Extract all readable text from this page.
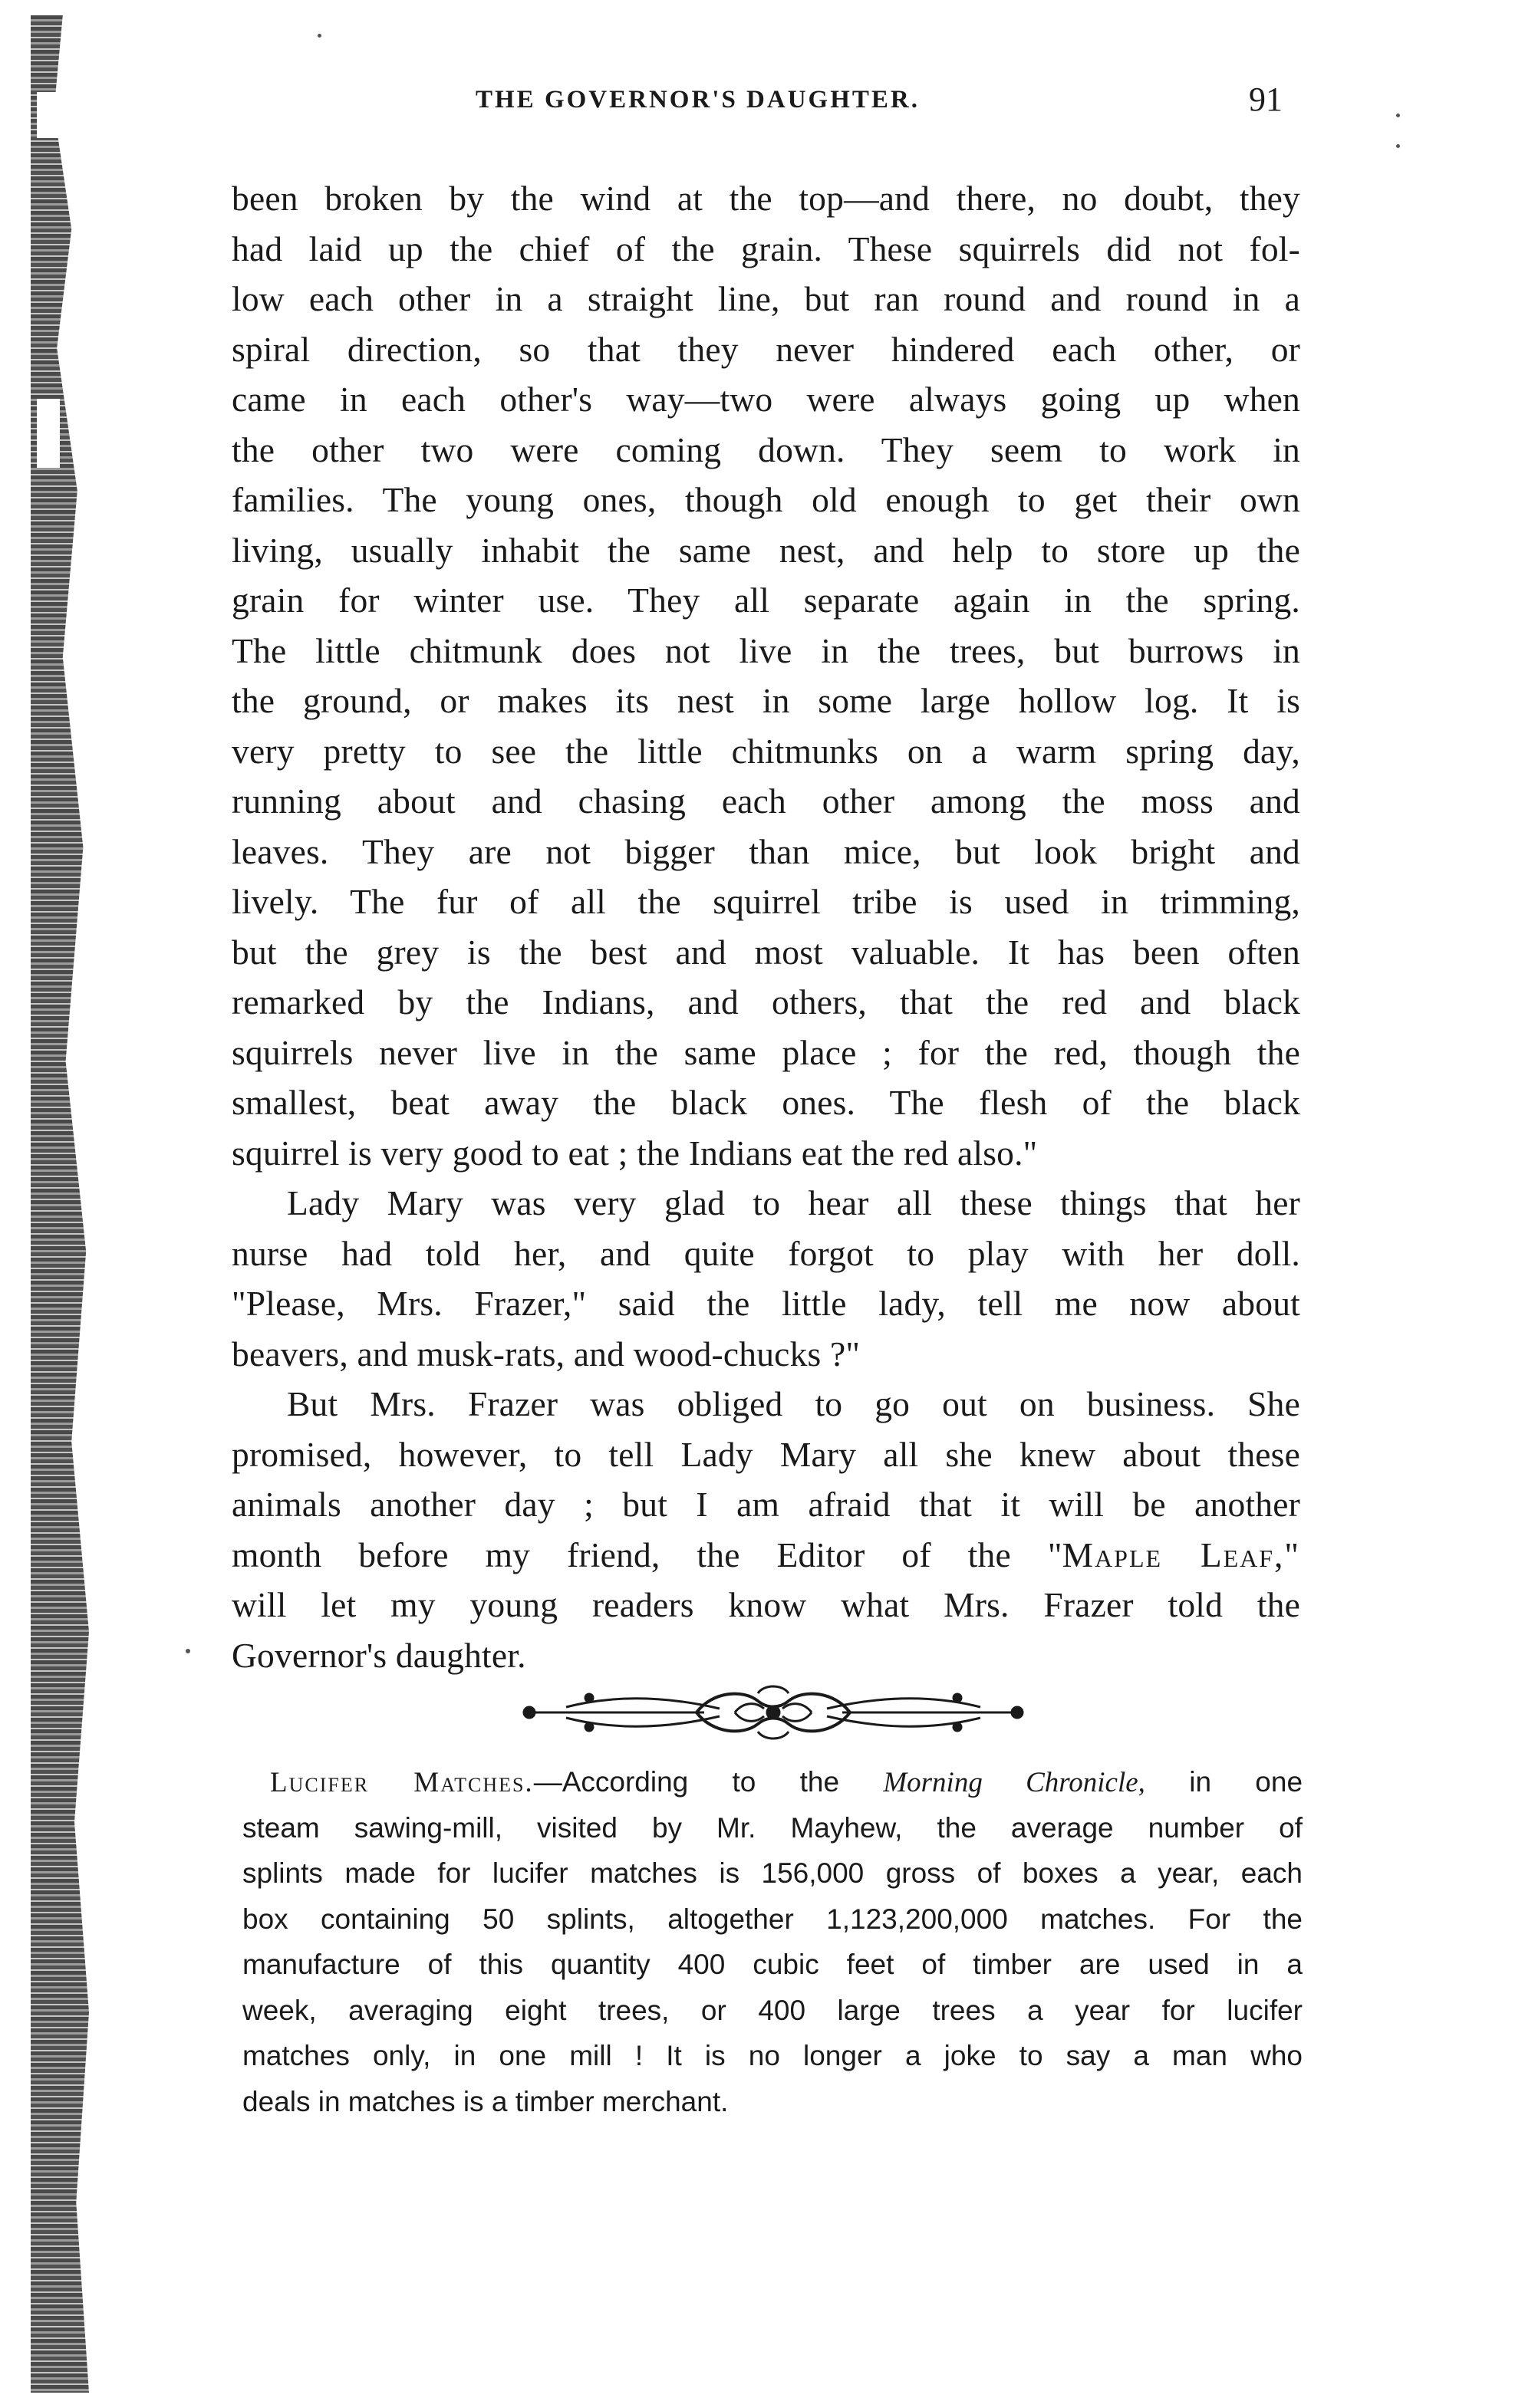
THE GOVERNOR'S DAUGHTER.	91
been broken by the wind at the top—and there, no doubt, they
had laid up the chief of the grain. These squirrels did not fol-
low each other in a straight line, but ran round and round in a
spiral direction, so that they never hindered each other, or
came in each other's way—two were always going up when
the other two were coming down. They seem to work in
families. The young ones, though old enough to get their own
living, usually inhabit the same nest, and help to store up the
grain for winter use. They all separate again in the spring.
The little chitmunk does not live in the trees, but burrows in
the ground, or makes its nest in some large hollow log. It is
very pretty to see the little chitmunks on a warm spring day,
running about and chasing each other among the moss and
leaves. They are not bigger than mice, but look bright and
lively. The fur of all the squirrel tribe is used in trimming,
but the grey is the best and most valuable. It has been often
remarked by the Indians, and others, that the red and black
squirrels never live in the same place ; for the red, though the
smallest, beat away the black ones. The flesh of the black
squirrel is very good to eat ; the Indians eat the red also."
Lady Mary was very glad to hear all these things that her
nurse had told her, and quite forgot to play with her doll.
"Please, Mrs. Frazer," said the little lady, tell me now about
beavers, and musk-rats, and wood-chucks ?"
But Mrs. Frazer was obliged to go out on business. She
promised, however, to tell Lady Mary all she knew about these
animals another day ; but I am afraid that it will be another
month before my friend, the Editor of the "Maple Leaf,"
will let my young readers know what Mrs. Frazer told the
Governor's daughter.
Lucifer Matches.—According to the Morning Chronicle, in one
steam sawing-mill, visited by Mr. Mayhew, the average number of
splints made for lucifer matches is 156,000 gross of boxes a year, each
box containing 50 splints, altogether 1,123,200,000 matches. For the
manufacture of this quantity 400 cubic feet of timber are used in a
week, averaging eight trees, or 400 large trees a year for lucifer
matches only, in one mill ! It is no longer a joke to say a man who
deals in matches is a timber merchant.
